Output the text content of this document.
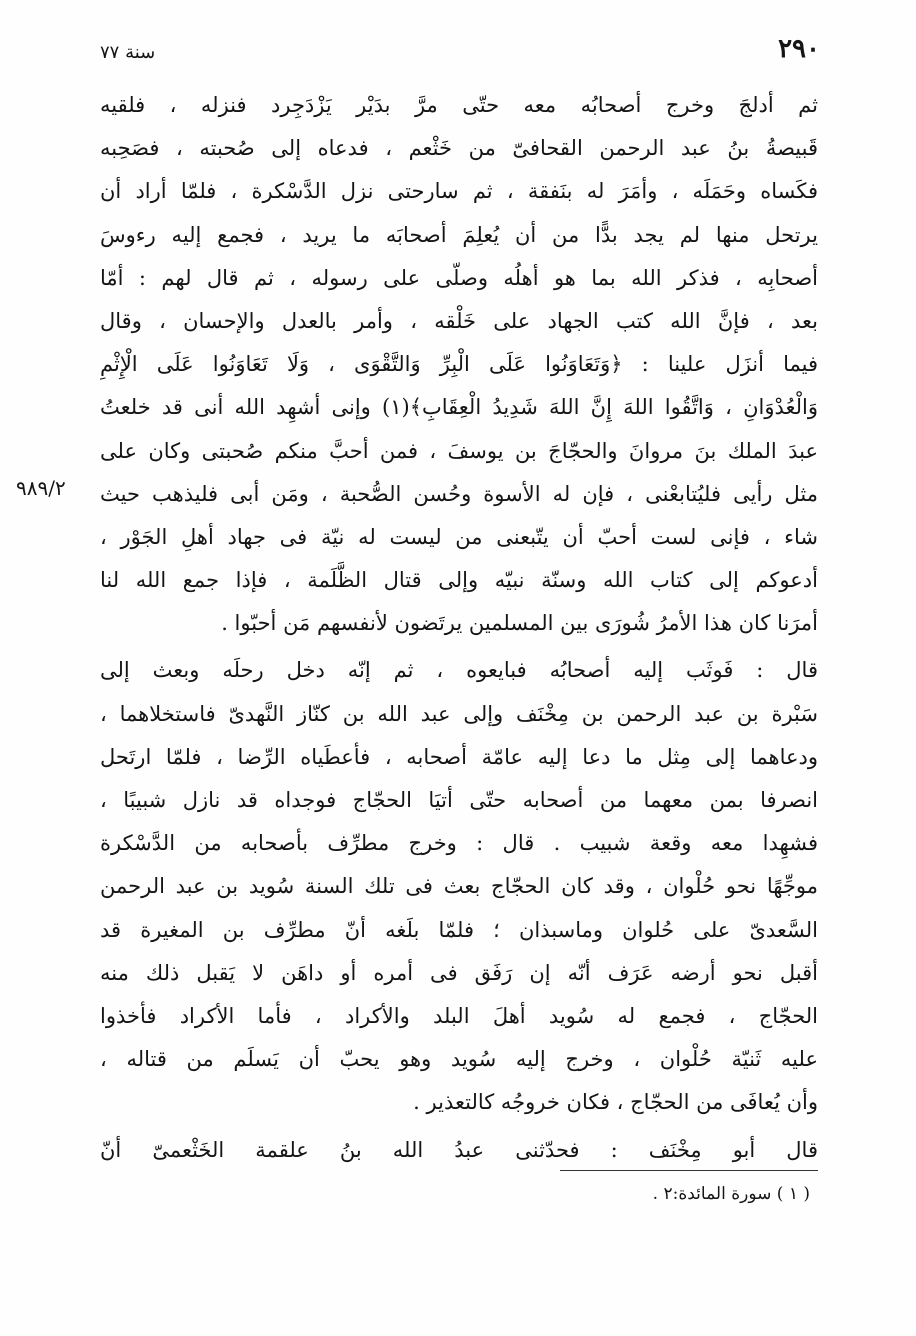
٢٩٠
سنة ٧٧
٩٨٩/٢

ثم أدلجَ وخرج أصحابُه معه حتّى مرَّ بدَيْر يَزْدَجِرد فنزله ، فلقيه
قَبيصةُ بنُ عبد الرحمن القحافىّ من خَثْعم ، فدعاه إلى صُحبته ، فصَحِبه
فكَساه وحَمَلَه ، وأمَرَ له بنَفقة ، ثم سارحتى نزل الدَّسْكرة ، فلمّا أراد أن
يرتحل منها لم يجد بدًّا من أن يُعلِمَ أصحابَه ما يريد ، فجمع إليه رءوسَ
أصحابِه ، فذكر الله بما هو أهلُه وصلّى على رسوله ، ثم قال لهم : أمّا
بعد ، فإنَّ الله كتب الجهاد على خَلْقه ، وأمر بالعدل والإحسان ، وقال
فيما أنزَل علينا : ﴿وَتَعَاوَنُوا عَلَى الْبِرِّ وَالتَّقْوَى ، وَلَا تَعَاوَنُوا عَلَى الْإِثْمِ
وَالْعُدْوَانِ ، وَاتَّقُوا اللهَ إِنَّ اللهَ شَدِيدُ الْعِقَابِ﴾(١) وإنى أشهِد الله أنى قد خلعتُ
عبدَ الملك بنَ مروانَ والحجّاجَ بن يوسفَ ، فمن أحبَّ منكم صُحبتى وكان على
مثل رأيى فليُتابعْنى ، فإن له الأسوة وحُسن الصُّحبة ، ومَن أبى فليذهب حيث
شاء ، فإنى لست أحبّ أن يتّبعنى من ليست له نيّة فى جهاد أهلِ الجَوْر ،
أدعوكم إلى كتاب الله وسنّة نبيّه وإلى قتال الظَّلَمة ، فإذا جمع الله لنا
أمرَنا كان هذا الأمرُ شُورَى بين المسلمين يرتَضون لأنفسهم مَن أحبّوا .

قال : فَوثَب إليه أصحابُه فبايعوه ، ثم إنّه دخل رحلَه وبعث إلى
سَبْرة بن عبد الرحمن بن مِخْنَف وإلى عبد الله بن كنّاز النَّهدىّ فاستخلاهما ،
ودعاهما إلى مِثل ما دعا إليه عامّة أصحابه ، فأعطَياه الرِّضا ، فلمّا ارتَحل
انصرفا بمن معهما من أصحابه حتّى أتيَا الحجّاج فوجداه قد نازل شبيبًا ،
فشهِدا معه وقعة شبيب . قال : وخرج مطرِّف بأصحابه من الدَّسْكرة
موجِّهًا نحو حُلْوان ، وقد كان الحجّاج بعث فى تلك السنة سُويد بن عبد الرحمن
السَّعدىّ على حُلوان وماسبذان ؛ فلمّا بلَغه أنّ مطرِّف بن المغيرة قد
أقبل نحو أرضه عَرَف أنّه إن رَفَق فى أمره أو داهَن لا يَقبل ذلك منه
الحجّاج ، فجمع له سُويد أهلَ البلد والأكراد ، فأما الأكراد فأخذوا
عليه ثَنيّة حُلْوان ، وخرج إليه سُويد وهو يحبّ أن يَسلَم من قتاله ،
وأن يُعافَى من الحجّاج ، فكان خروجُه كالتعذير .

قال أبو مِخْنَف : فحدّثنى عبدُ الله بنُ علقمة الخَثْعمىّ أنّ

( ١ ) سورة المائدة:٢ .
